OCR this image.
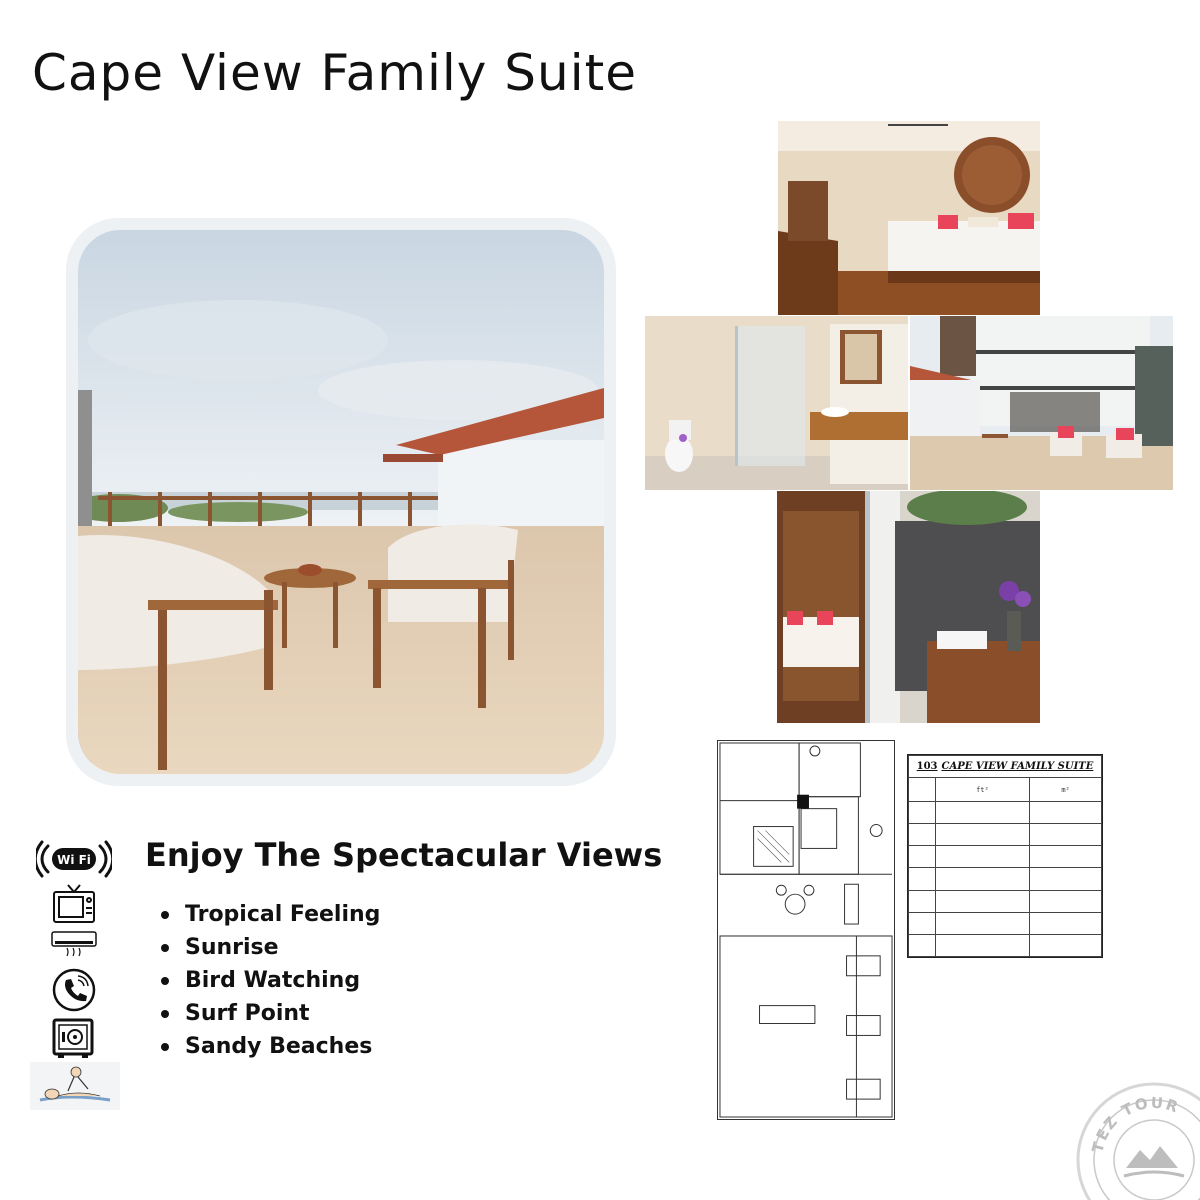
Cape View Family Suite
103 CAPE VIEW FAMILY SUITE		
	ft²	m²

Wi Fi Enjoy The Spectacular Views
Tropical Feeling
Sunrise
Bird Watching
Surf Point
Sandy Beaches
TEZ TOUR
